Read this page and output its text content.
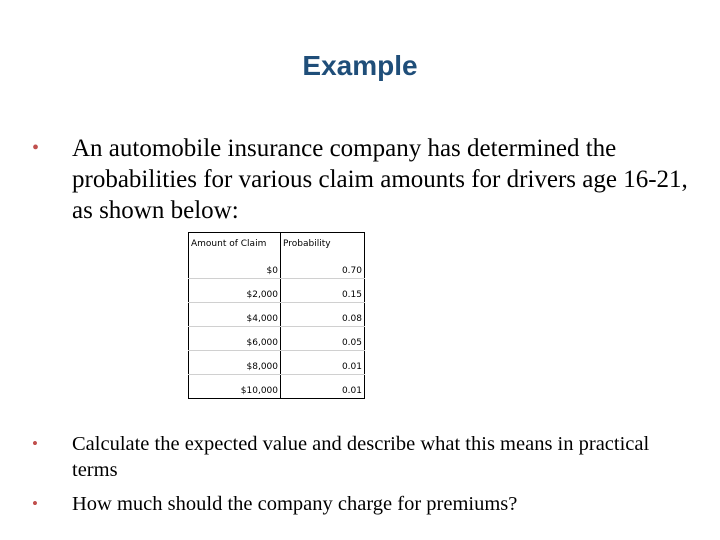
Example
•	An automobile insurance company has determined the probabilities for various claim amounts for drivers age 16-21, as shown below:
Amount of Claim	Probability
$0	0.70
$2,000	0.15
$4,000	0.08
$6,000	0.05
$8,000	0.01
$10,000	0.01
•	Calculate the expected value and describe what this means in practical terms
•	How much should the company charge for premiums?
